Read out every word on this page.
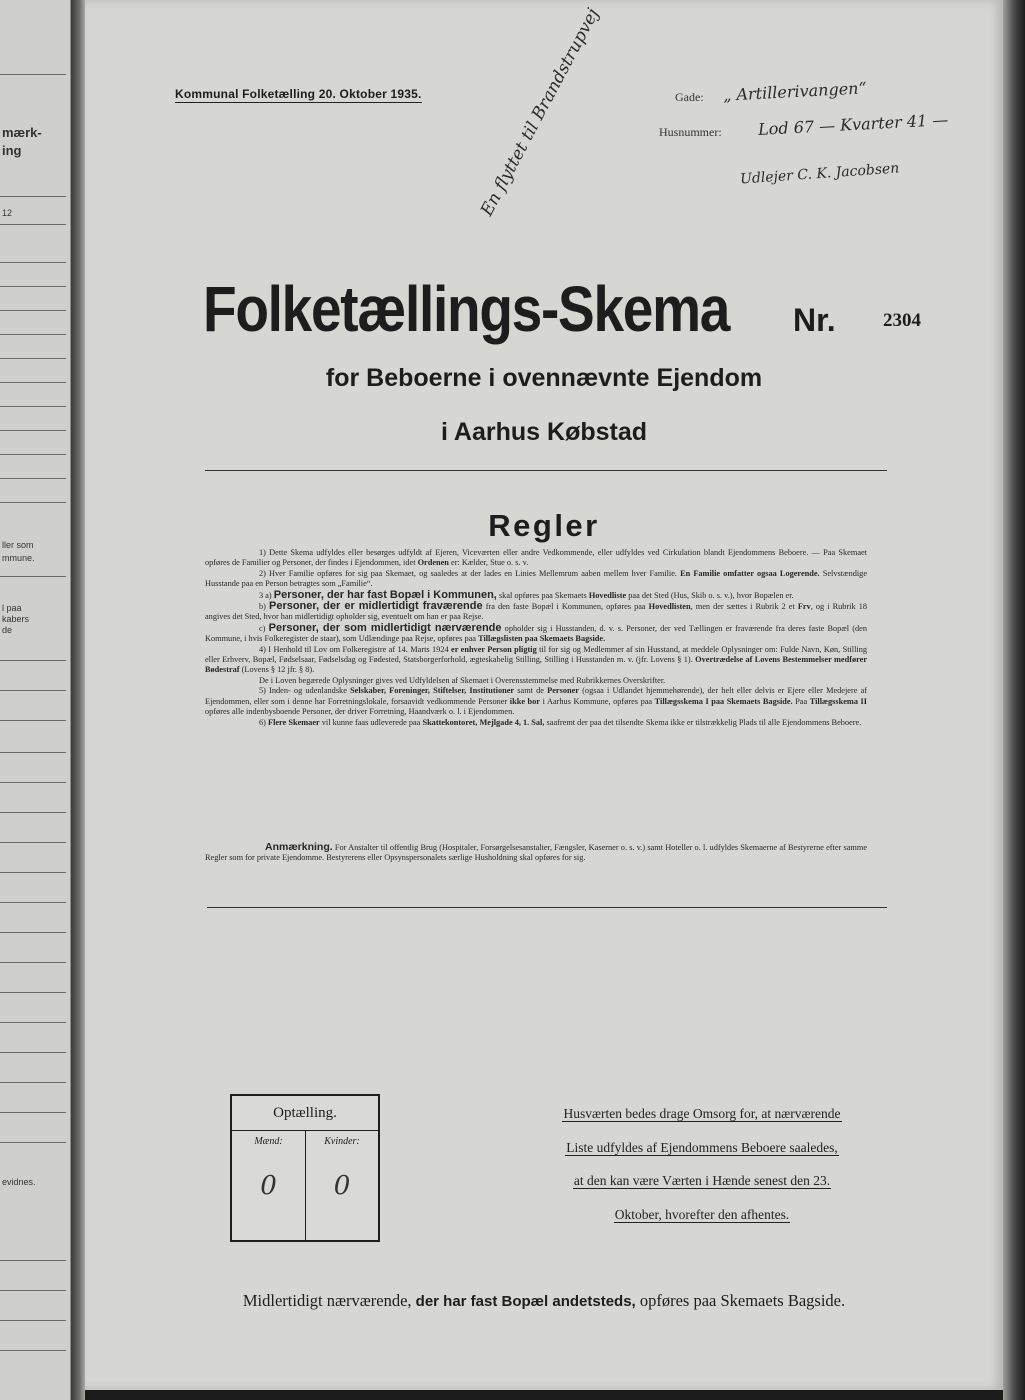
mærk-
ing
12
ller som
mmune.
l paa
kabers
de
evidnes.
Kommunal Folketælling 20. Oktober 1935.	Gade: „ Artillerivangen“
Husnummer: Lod 67 — Kvarter 41 —
Udlejer C. K. Jacobsen
En flyttet til Brandstrupvej
Folketællings-Skema Nr. 2304
for Beboerne i ovennævnte Ejendom
i Aarhus Købstad
Regler

1) Dette Skema udfyldes eller besørges udfyldt af Ejeren, Viceværten eller andre Vedkommende, eller udfyldes ved Cirkulation blandt Ejendommens Beboere. — Paa Skemaet opføres de Familier og Personer, der findes i Ejendommen, idet Ordenen er: Kælder, Stue o. s. v.

2) Hver Familie opføres for sig paa Skemaet, og saaledes at der lades en Linies Mellemrum aaben mellem hver Familie. En Familie omfatter ogsaa Logerende. Selvstændige Husstande paa en Person betragtes som „Familie“.

3 a) Personer, der har fast Bopæl i Kommunen, skal opføres paa Skemaets Hovedliste paa det Sted (Hus, Skib o. s. v.), hvor Bopælen er.

b) Personer, der er midlertidigt fraværende fra den faste Bopæl i Kommunen, opføres paa Hovedlisten, men der sættes i Rubrik 2 et Frv, og i Rubrik 18 angives det Sted, hvor han midlertidigt opholder sig, eventuelt om han er paa Rejse.

c) Personer, der som midlertidigt nærværende opholder sig i Husstanden, d. v. s. Personer, der ved Tællingen er fraværende fra deres faste Bopæl (den Kommune, i hvis Folkeregister de staar), som Udlændinge paa Rejse, opføres paa Tillægslisten paa Skemaets Bagside.

4) I Henhold til Lov om Folkeregistre af 14. Marts 1924 er enhver Person pligtig til for sig og Medlemmer af sin Husstand, at meddele Oplysninger om: Fulde Navn, Køn, Stilling eller Erhverv, Bopæl, Fødselsaar, Fødselsdag og Fødested, Statsborgerforhold, ægteskabelig Stilling, Stilling i Husstanden m. v. (jfr. Lovens § 1). Overtrædelse af Lovens Bestemmelser medfører Bødestraf (Lovens § 12 jfr. § 8).

De i Loven begærede Oplysninger gives ved Udfyldelsen af Skemaet i Overensstemmelse med Rubrikkernes Overskrifter.

5) Inden- og udenlandske Selskaber, Foreninger, Stiftelser, Institutioner samt de Personer (ogsaa i Udlandet hjemmehørende), der helt eller delvis er Ejere eller Medejere af Ejendommen, eller som i denne har Forretningslokale, forsaavidt vedkommende Personer ikke bor i Aarhus Kommune, opføres paa Tillægsskema I paa Skemaets Bagside. Paa Tillægsskema II opføres alle indenbysboende Personer, der driver Forretning, Haandværk o. l. i Ejendommen.

6) Flere Skemaer vil kunne faas udleverede paa Skattekontoret, Mejlgade 4, 1. Sal, saafremt der paa det tilsendte Skema ikke er tilstrækkelig Plads til alle Ejendommens Beboere.

Anmærkning. For Anstalter til offentlig Brug (Hospitaler, Forsørgelsesanstalter, Fængsler, Kaserner o. s. v.) samt Hoteller o. l. udfyldes Skemaerne af Bestyrerne efter samme Regler som for private Ejendomme. Bestyrerens eller Opsynspersonalets særlige Husholdning skal opføres for sig.

Optælling.
Mænd:
0
Kvinder:
0
Husværten bedes drage Omsorg for, at nærværende
Liste udfyldes af Ejendommens Beboere saaledes,
at den kan være Værten i Hænde senest den 23.
Oktober, hvorefter den afhentes.
Midlertidigt nærværende, der har fast Bopæl andetsteds, opføres paa Skemaets Bagside.
